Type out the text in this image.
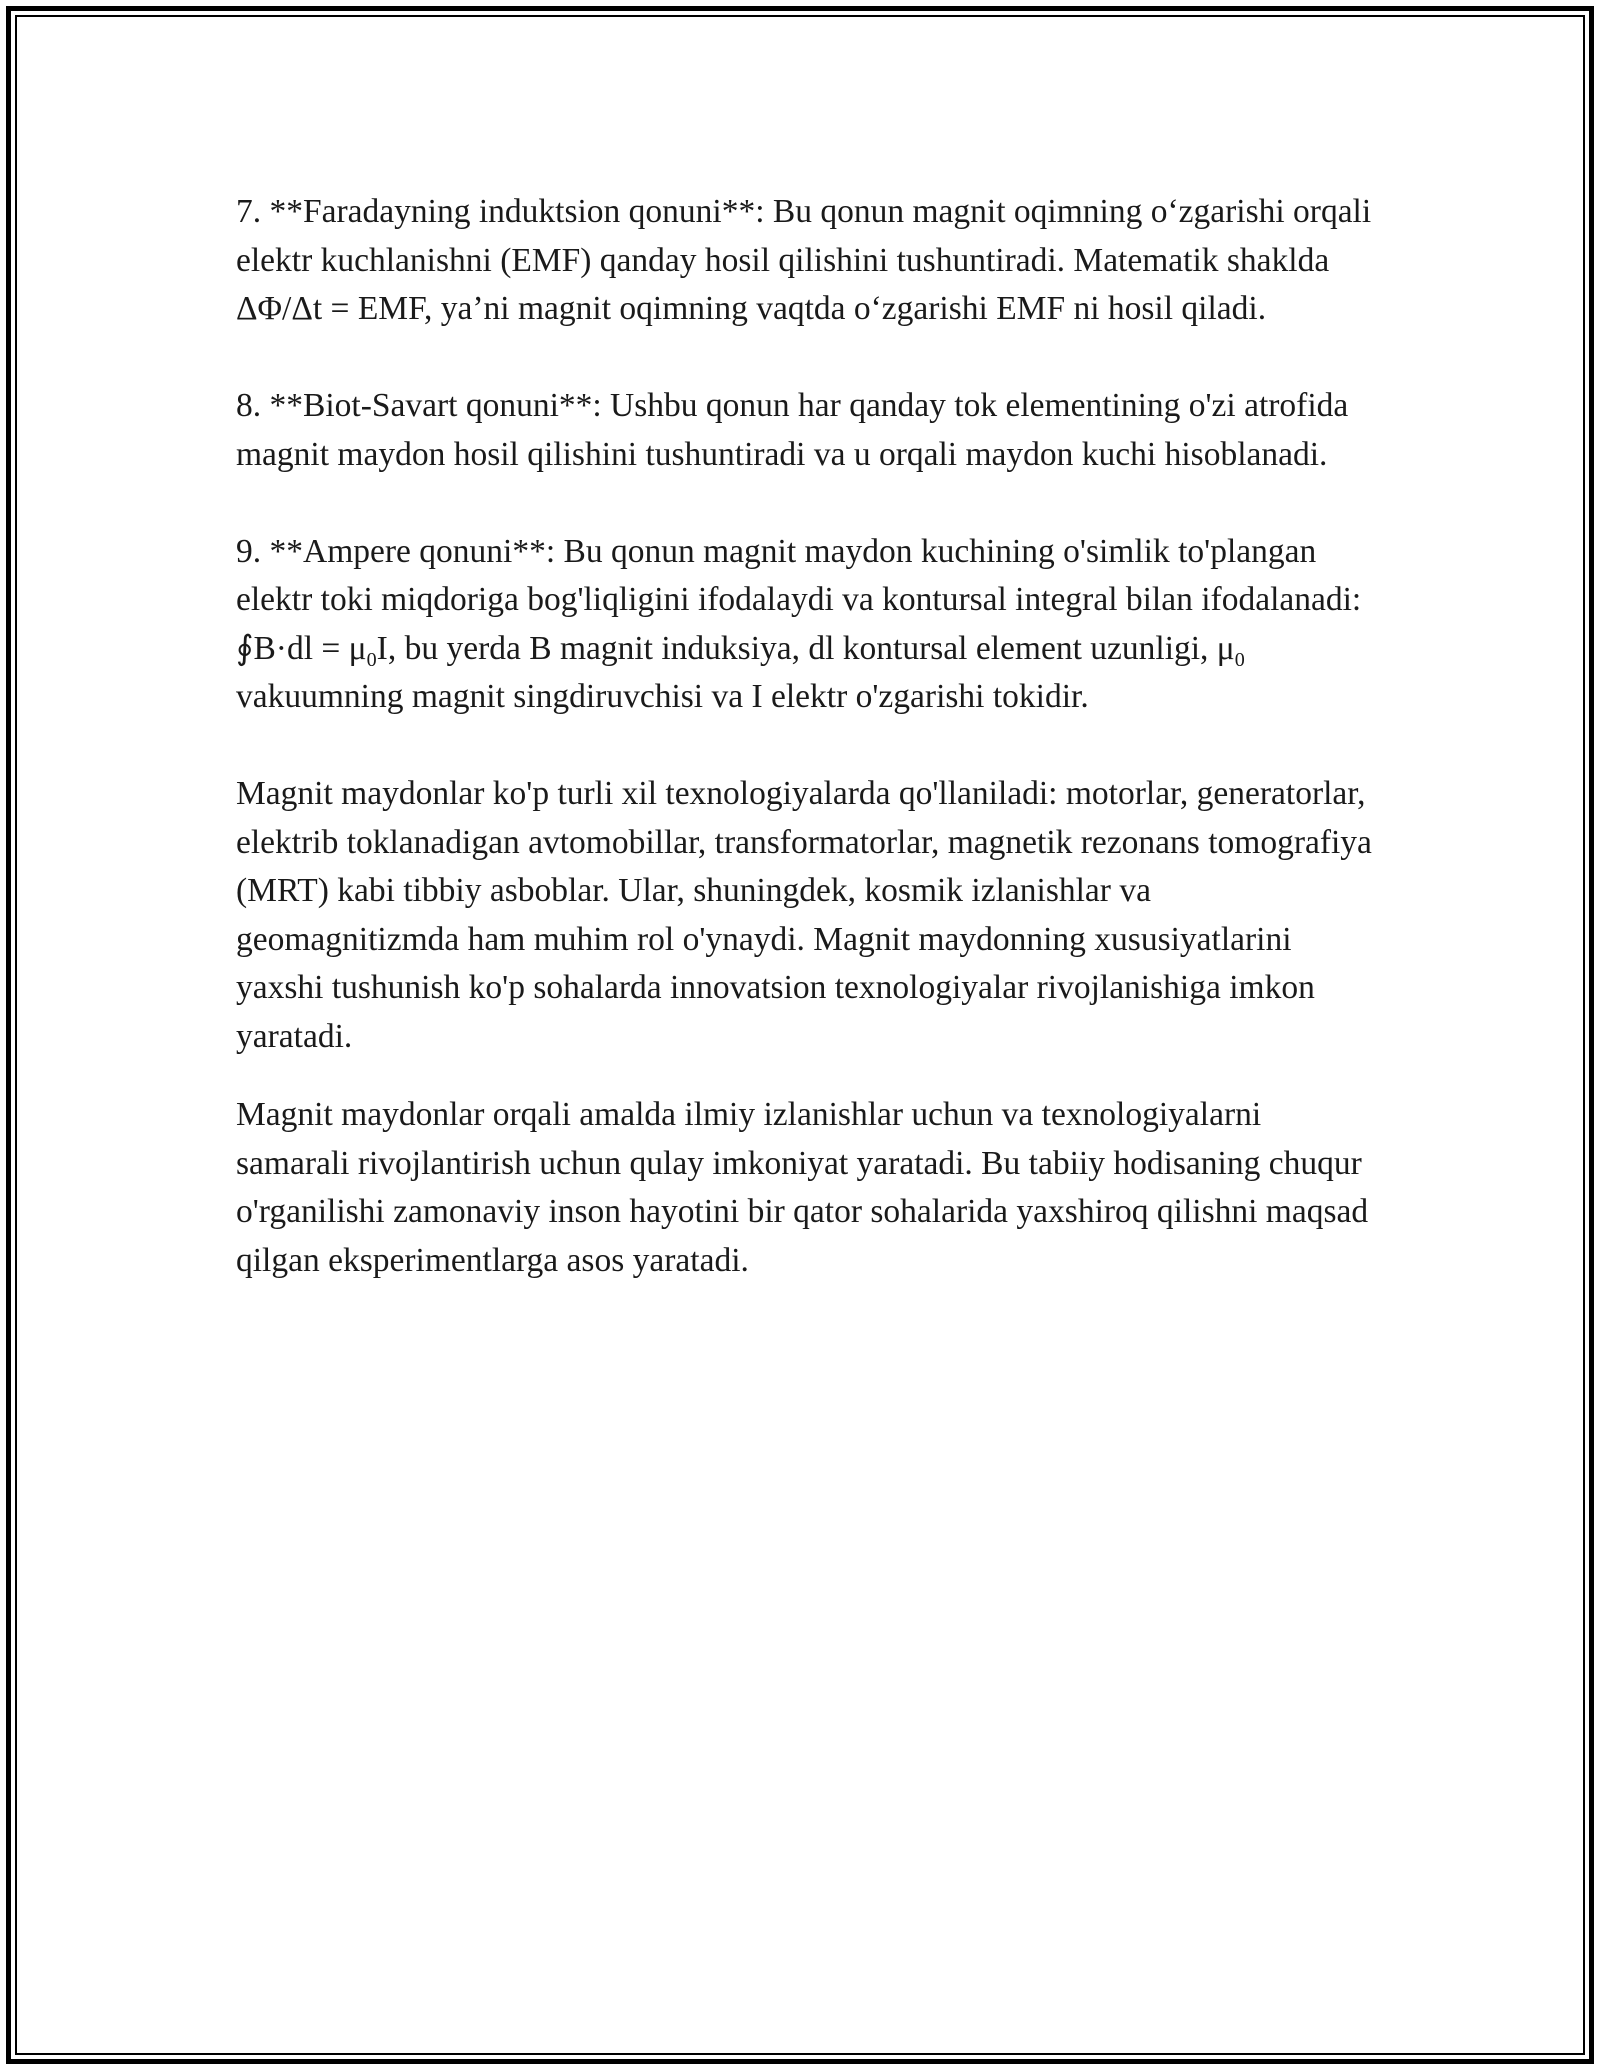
7. **Faradayning induktsion qonuni**: Bu qonun magnit oqimning o‘zgarishi orqali elektr kuchlanishni (EMF) qanday hosil qilishini tushuntiradi. Matematik shaklda ΔΦ/Δt = EMF, ya’ni magnit oqimning vaqtda o‘zgarishi EMF ni hosil qiladi.

8. **Biot-Savart qonuni**: Ushbu qonun har qanday tok elementining o'zi atrofida magnit maydon hosil qilishini tushuntiradi va u orqali maydon kuchi hisoblanadi.

9. **Ampere qonuni**: Bu qonun magnit maydon kuchining o'simlik to'plangan elektr toki miqdoriga bog'liqligini ifodalaydi va kontursal integral bilan ifodalanadi: ∮B·dl = $\mu_0I$, bu yerda B magnit induksiya, dl kontursal element uzunligi, $\mu_0$ vakuumning magnit singdiruvchisi va I elektr o'zgarishi tokidir.

Magnit maydonlar ko'p turli xil texnologiyalarda qo'llaniladi: motorlar, generatorlar, elektrib toklanadigan avtomobillar, transformatorlar, magnetik rezonans tomografiya (MRT) kabi tibbiy asboblar. Ular, shuningdek, kosmik izlanishlar va geomagnitizmda ham muhim rol o'ynaydi. Magnit maydonning xususiyatlarini yaxshi tushunish ko'p sohalarda innovatsion texnologiyalar rivojlanishiga imkon yaratadi.

Magnit maydonlar orqali amalda ilmiy izlanishlar uchun va texnologiyalarni samarali rivojlantirish uchun qulay imkoniyat yaratadi. Bu tabiiy hodisaning chuqur o'rganilishi zamonaviy inson hayotini bir qator sohalarida yaxshiroq qilishni maqsad qilgan eksperimentlarga asos yaratadi.
